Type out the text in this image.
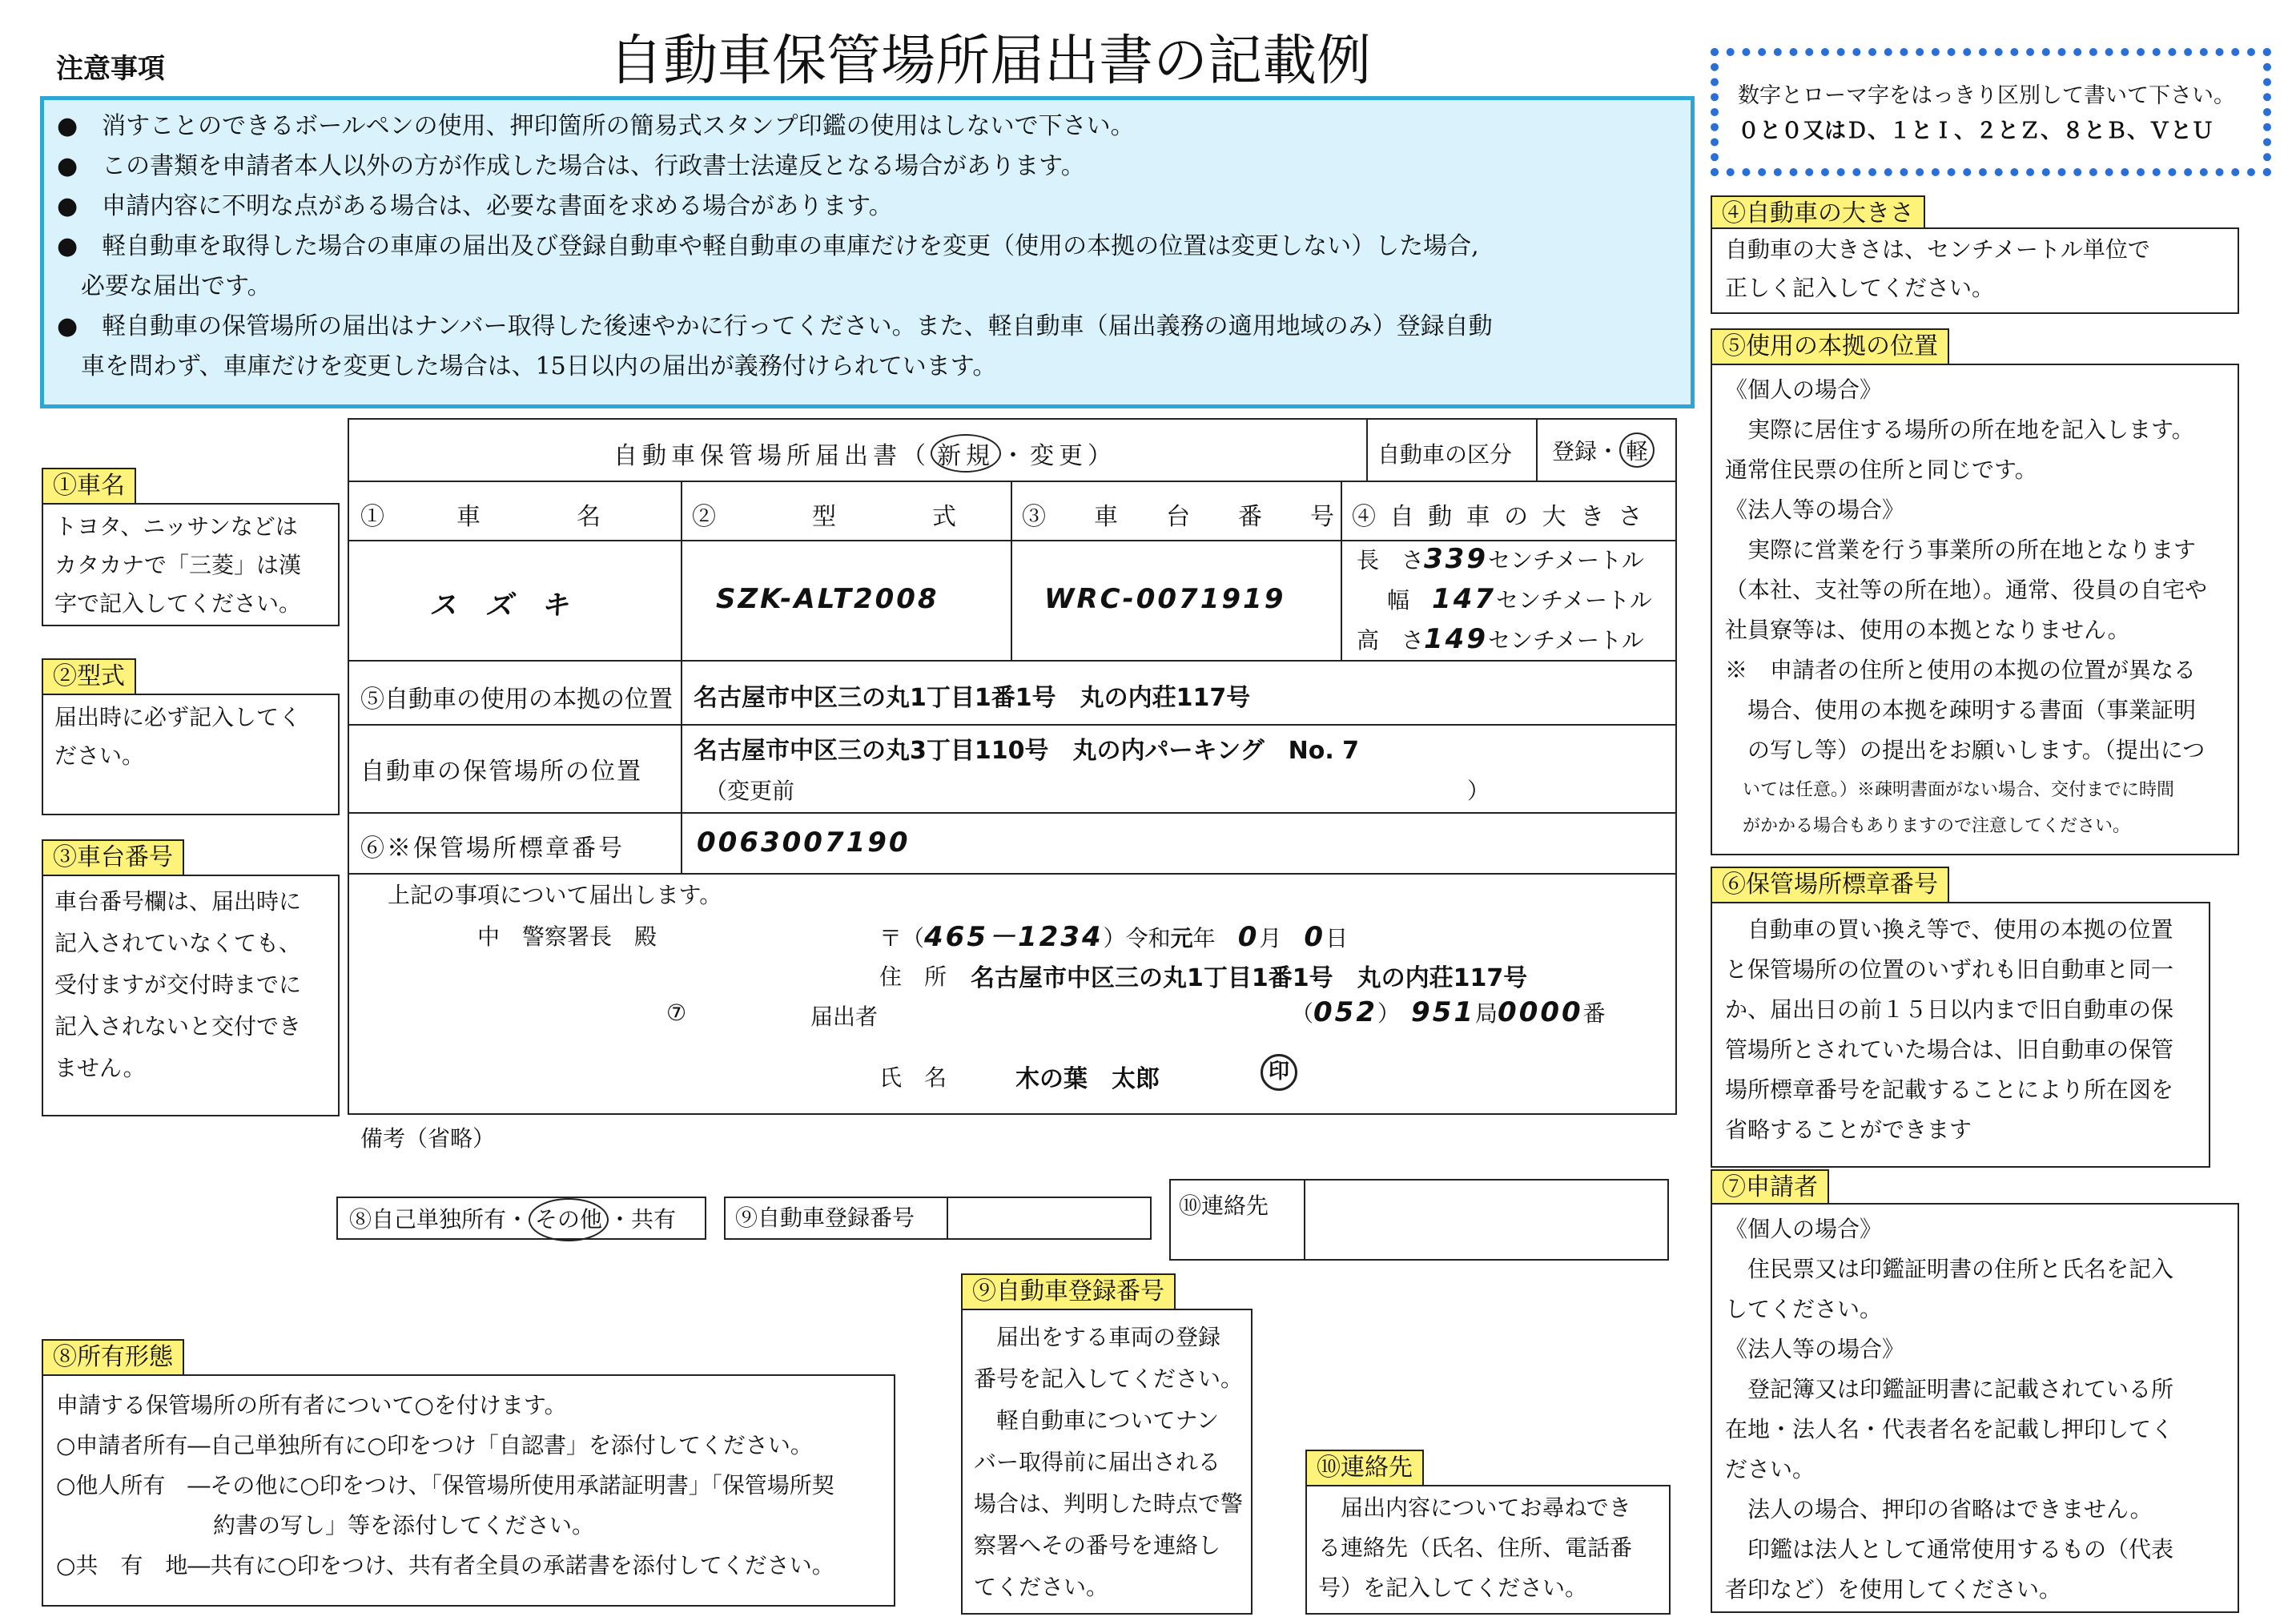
注意事項	自動車保管場所届出書の記載例
数字とローマ字をはっきり区別して書いて下さい。
０と０又はＤ、１とＩ、２とＺ、８とＢ、ＶとＵ
●　消すことのできるボールペンの使用、押印箇所の簡易式スタンプ印鑑の使用はしないで下さい。
●　この書類を申請者本人以外の方が作成した場合は、行政書士法違反となる場合があります。
●　申請内容に不明な点がある場合は、必要な書面を求める場合があります。
●　軽自動車を取得した場合の車庫の届出及び登録自動車や軽自動車の車庫だけを変更（使用の本拠の位置は変更しない）した場合,
　必要な届出です。
●　軽自動車の保管場所の届出はナンバー取得した後速やかに行ってください。また、軽自動車（届出義務の適用地域のみ）登録自動
　車を問わず、車庫だけを変更した場合は、15日以内の届出が義務付けられています。
自動車保管場所届出書（ 新規 ・変更）	自動車の区分 登録・ 軽
①　　　車　　　　名	②　　　　型　　　　式	③　　車　　台　　番　　号 ④ 自 動 車 の 大 き さ
ス ズ キ	SZK-ALT2008	WRC-0071919
長　さ339センチメートル
幅　 147センチメートル
高　さ149センチメートル
⑤自動車の使用の本拠の位置 名古屋市中区三の丸1丁目1番1号　丸の内荘117号
自動車の保管場所の位置
名古屋市中区三の丸3丁目110号　丸の内パーキング　No. 7
（変更前	）
⑥※保管場所標章番号	0063007190
上記の事項について届出します。
中　警察署長　殿	〒（465－1234）令和元年　 0月　 0日
住　所 名古屋市中区三の丸1丁目1番1号　丸の内荘117号
⑦	届出者	（052）　 951局0000番
氏　名	木の葉　太郎	印
備考（省略）
⑧自己単独所有・ その他 ・共有	⑨自動車登録番号	⑩連絡先
①車名
トヨタ、ニッサンなどは
カタカナで「三菱」は漢
字で記入してください。
②型式
届出時に必ず記入してく
ださい。
③車台番号
車台番号欄は、届出時に
記入されていなくても、
受付ますが交付時までに
記入されないと交付でき
ません。
④自動車の大きさ
自動車の大きさは、センチメートル単位で
正しく記入してください。
⑤使用の本拠の位置
《個人の場合》
　実際に居住する場所の所在地を記入します。
通常住民票の住所と同じです。
《法人等の場合》
　実際に営業を行う事業所の所在地となります
（本社、支社等の所在地）。通常、役員の自宅や
社員寮等は、使用の本拠となりません。
※　申請者の住所と使用の本拠の位置が異なる
　場合、使用の本拠を疎明する書面（事業証明
　の写し等）の提出をお願いします。（提出につ
　いては任意。）※疎明書面がない場合、交付までに時間
　がかかる場合もありますので注意してください。
⑥保管場所標章番号
　自動車の買い換え等で、使用の本拠の位置
と保管場所の位置のいずれも旧自動車と同一
か、届出日の前１５日以内まで旧自動車の保
管場所とされていた場合は、旧自動車の保管
場所標章番号を記載することにより所在図を
省略することができます
⑦申請者
《個人の場合》
　住民票又は印鑑証明書の住所と氏名を記入
してください。
《法人等の場合》
　登記簿又は印鑑証明書に記載されている所
在地・法人名・代表者名を記載し押印してく
ださい。
　法人の場合、押印の省略はできません。
　印鑑は法人として通常使用するもの（代表
者印など）を使用してください。
⑧所有形態
申請する保管場所の所有者について○を付けます。
○申請者所有―自己単独所有に○印をつけ「自認書」を添付してください。
○他人所有　―その他に○印をつけ、「保管場所使用承諾証明書」「保管場所契
　　　　　　　約書の写し」等を添付してください。
○共　有　地―共有に○印をつけ、共有者全員の承諾書を添付してください。
⑨自動車登録番号
　届出をする車両の登録
番号を記入してください。
　軽自動車についてナン
バー取得前に届出される
場合は、判明した時点で警
察署へその番号を連絡し
てください。
⑩連絡先
　届出内容についてお尋ねでき
る連絡先（氏名、住所、電話番
号）を記入してください。
